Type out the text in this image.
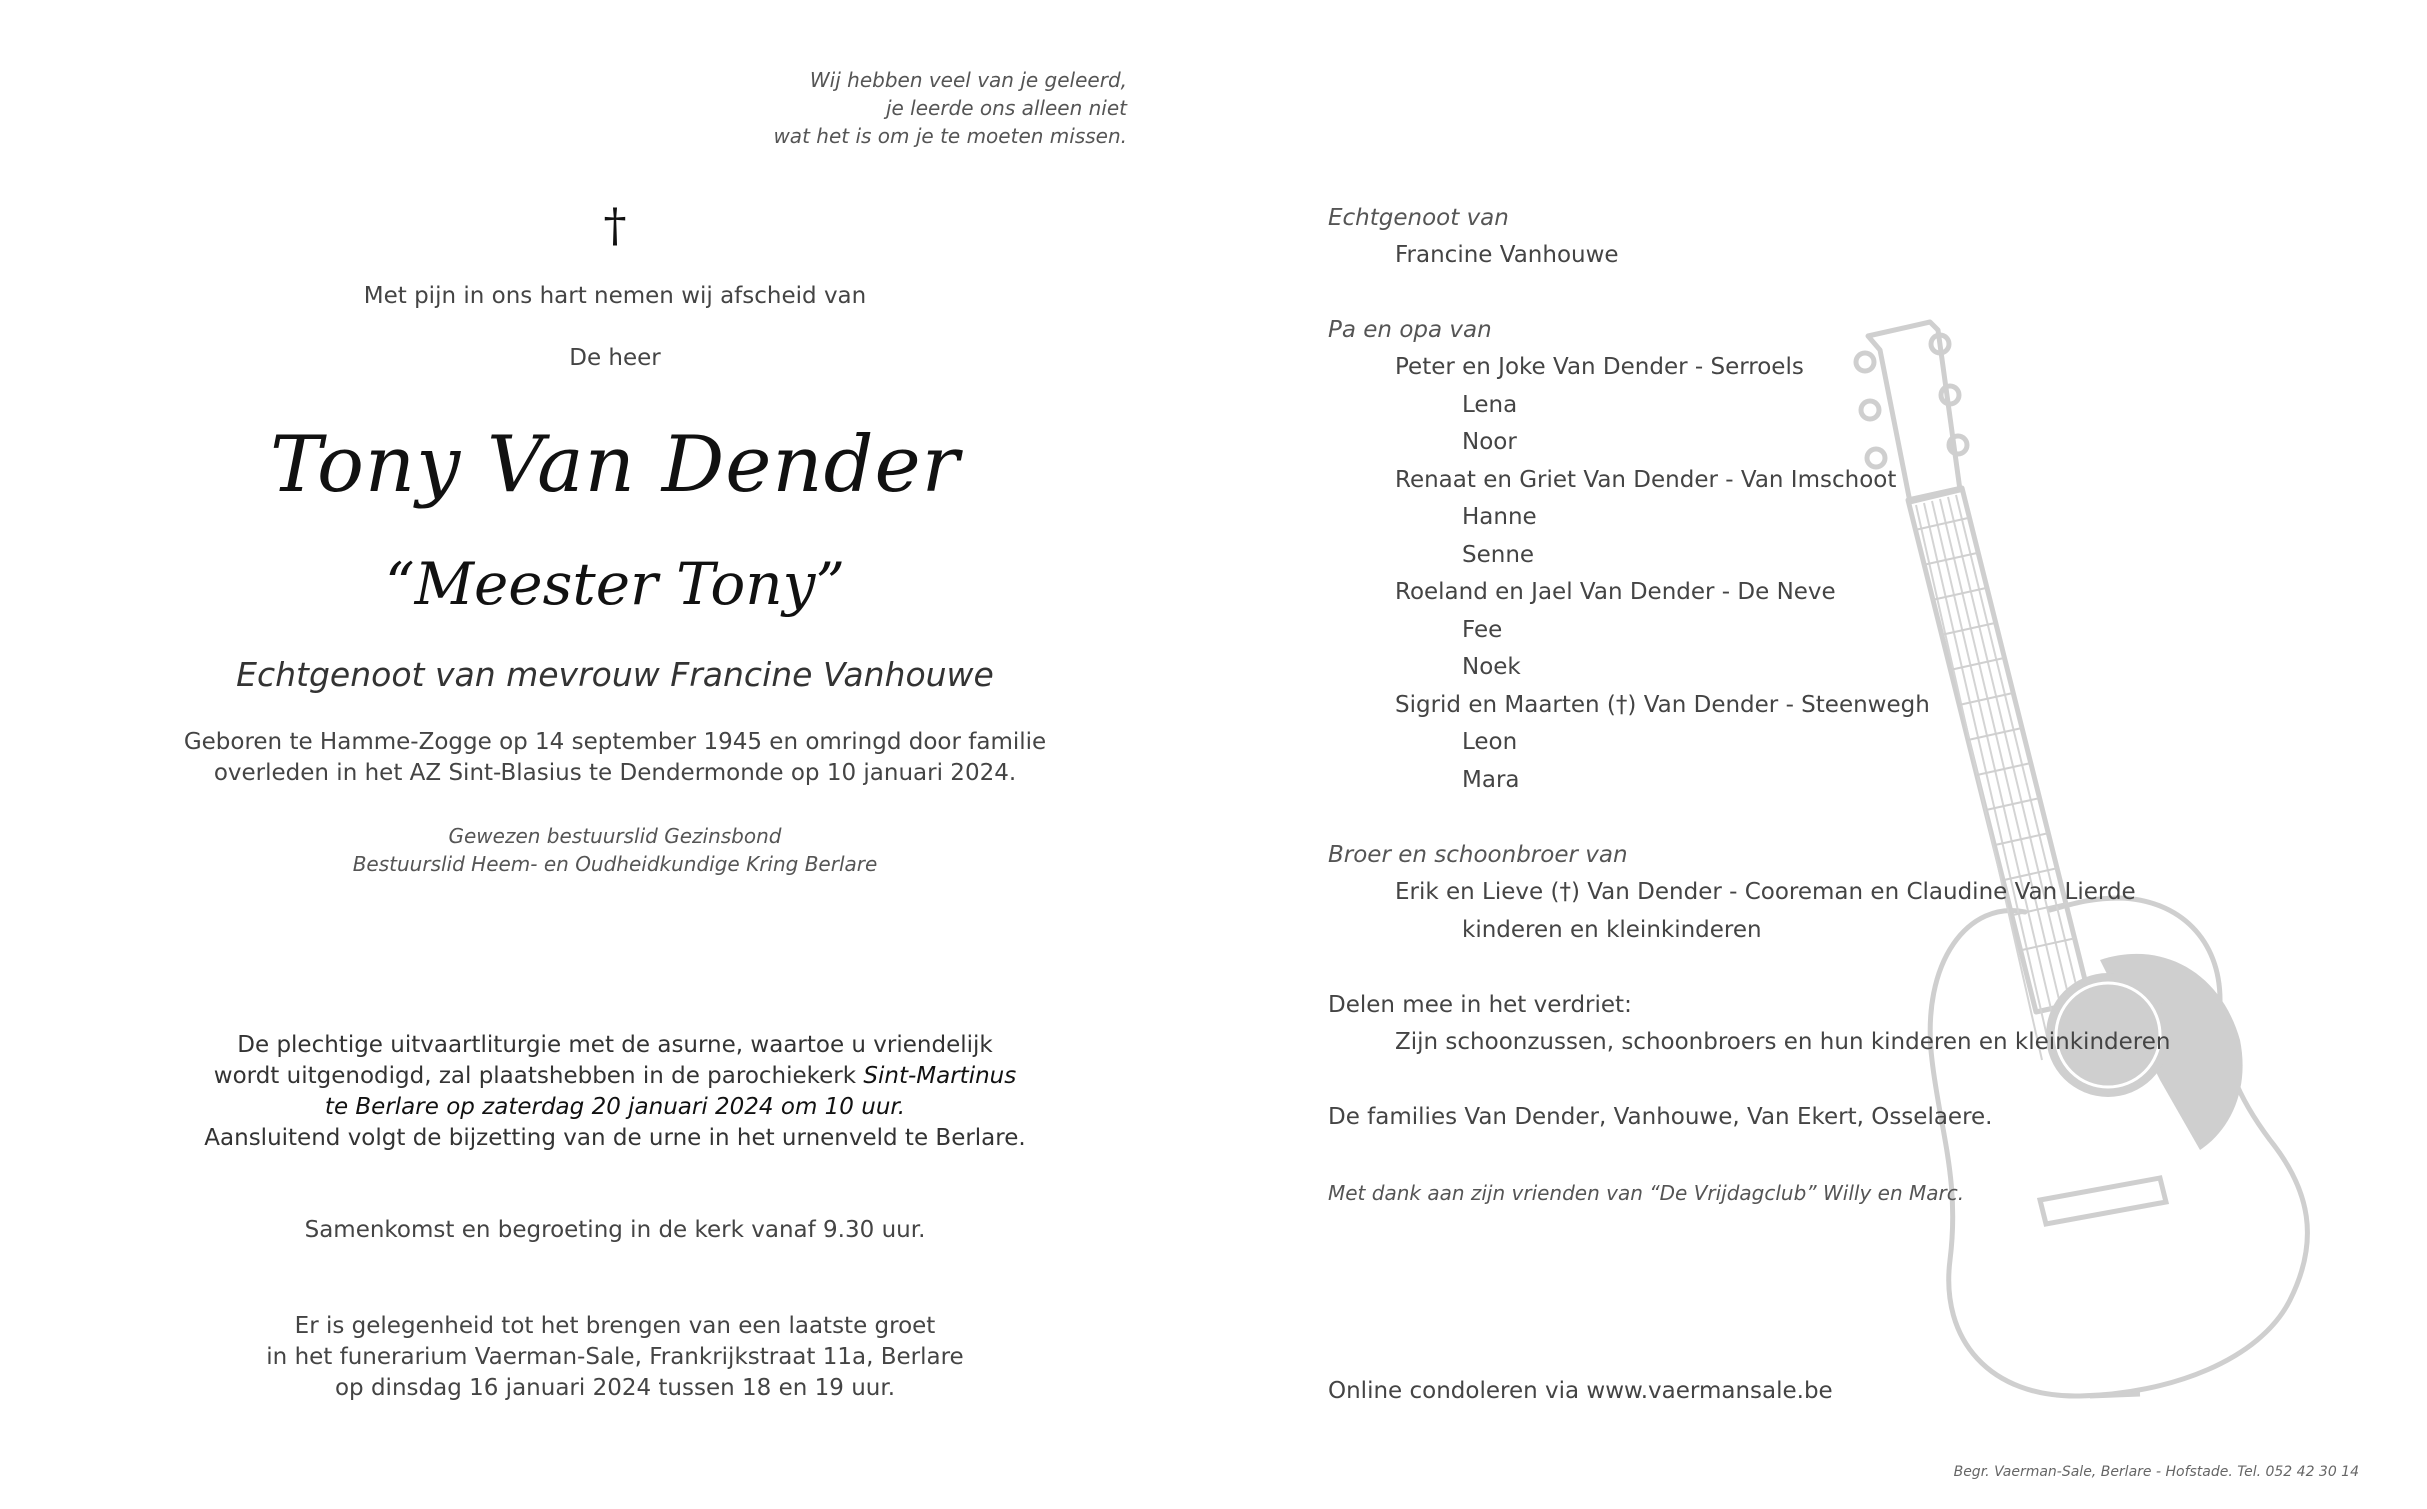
Wij hebben veel van je geleerd,
je leerde ons alleen niet
wat het is om je te moeten missen.
†
Met pijn in ons hart nemen wij afscheid van
De heer
Tony Van Dender
“Meester Tony”
Echtgenoot van mevrouw Francine Vanhouwe
Geboren te Hamme-Zogge op 14 september 1945 en omringd door familie
overleden in het AZ Sint-Blasius te Dendermonde op 10 januari 2024.
Gewezen bestuurslid Gezinsbond
Bestuurslid Heem- en Oudheidkundige Kring Berlare
De plechtige uitvaartliturgie met de asurne, waartoe u vriendelijk
wordt uitgenodigd, zal plaatshebben in de parochiekerk Sint-Martinus
te Berlare op zaterdag 20 januari 2024 om 10 uur.
Aansluitend volgt de bijzetting van de urne in het urnenveld te Berlare.
Samenkomst en begroeting in de kerk vanaf 9.30 uur.
Er is gelegenheid tot het brengen van een laatste groet
in het funerarium Vaerman-Sale, Frankrijkstraat 11a, Berlare
op dinsdag 16 januari 2024 tussen 18 en 19 uur.
Echtgenoot van
Francine Vanhouwe
Pa en opa van
Peter en Joke Van Dender - Serroels
Lena
Noor
Renaat en Griet Van Dender - Van Imschoot
Hanne
Senne
Roeland en Jael Van Dender - De Neve
Fee
Noek
Sigrid en Maarten (†) Van Dender - Steenwegh
Leon
Mara
Broer en schoonbroer van
Erik en Lieve (†) Van Dender - Cooreman en Claudine Van Lierde
kinderen en kleinkinderen
Delen mee in het verdriet:
Zijn schoonzussen, schoonbroers en hun kinderen en kleinkinderen
De families Van Dender, Vanhouwe, Van Ekert, Osselaere.
Met dank aan zijn vrienden van “De Vrijdagclub” Willy en Marc.
Online condoleren via www.vaermansale.be
Begr. Vaerman-Sale, Berlare - Hofstade. Tel. 052 42 30 14
